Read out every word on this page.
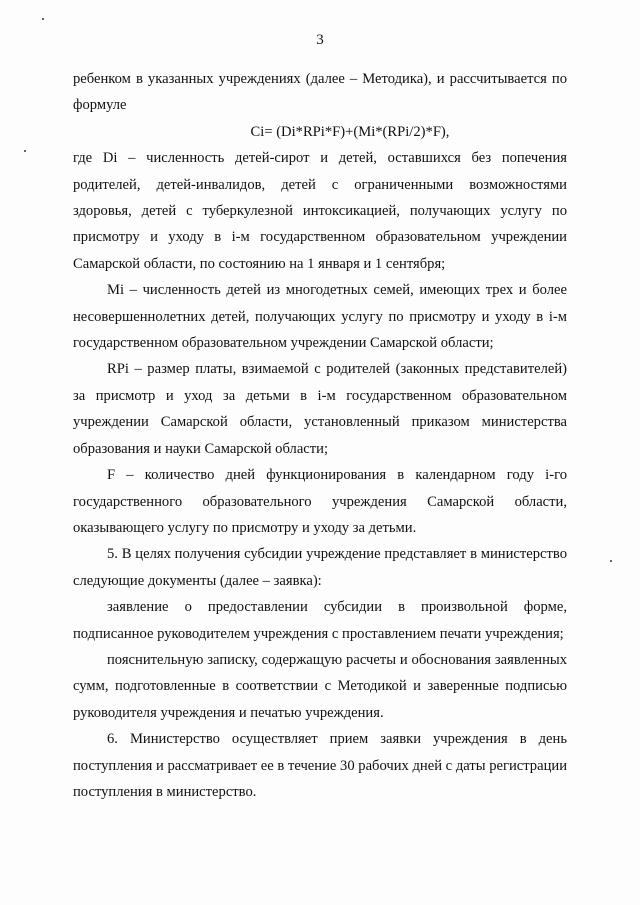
3

ребенком в указанных учреждениях (далее – Методика), и рассчитывается по формуле

Ci= (Di*RPi*F)+(Mi*(RPi/2)*F),

где Di – численность детей-сирот и детей, оставшихся без попечения родителей, детей-инвалидов, детей с ограниченными возможностями здоровья, детей с туберкулезной интоксикацией, получающих услугу по присмотру и уходу в i-м государственном образовательном учреждении Самарской области, по состоянию на 1 января и 1 сентября;

Mi – численность детей из многодетных семей, имеющих трех и более несовершеннолетних детей, получающих услугу по присмотру и уходу в i-м государственном образовательном учреждении Самарской области;

RPi – размер платы, взимаемой с родителей (законных представителей) за присмотр и уход за детьми в i-м государственном образовательном учреждении Самарской области, установленный приказом министерства образования и науки Самарской области;

F – количество дней функционирования в календарном году i-го государственного образовательного учреждения Самарской области, оказывающего услугу по присмотру и уходу за детьми.

5. В целях получения субсидии учреждение представляет в министерство следующие документы (далее – заявка):

заявление о предоставлении субсидии в произвольной форме, подписанное руководителем учреждения с проставлением печати учреждения;

пояснительную записку, содержащую расчеты и обоснования заявленных сумм, подготовленные в соответствии с Методикой и заверенные подписью руководителя учреждения и печатью учреждения.

6. Министерство осуществляет прием заявки учреждения в день поступления и рассматривает ее в течение 30 рабочих дней с даты регистрации поступления в министерство.
